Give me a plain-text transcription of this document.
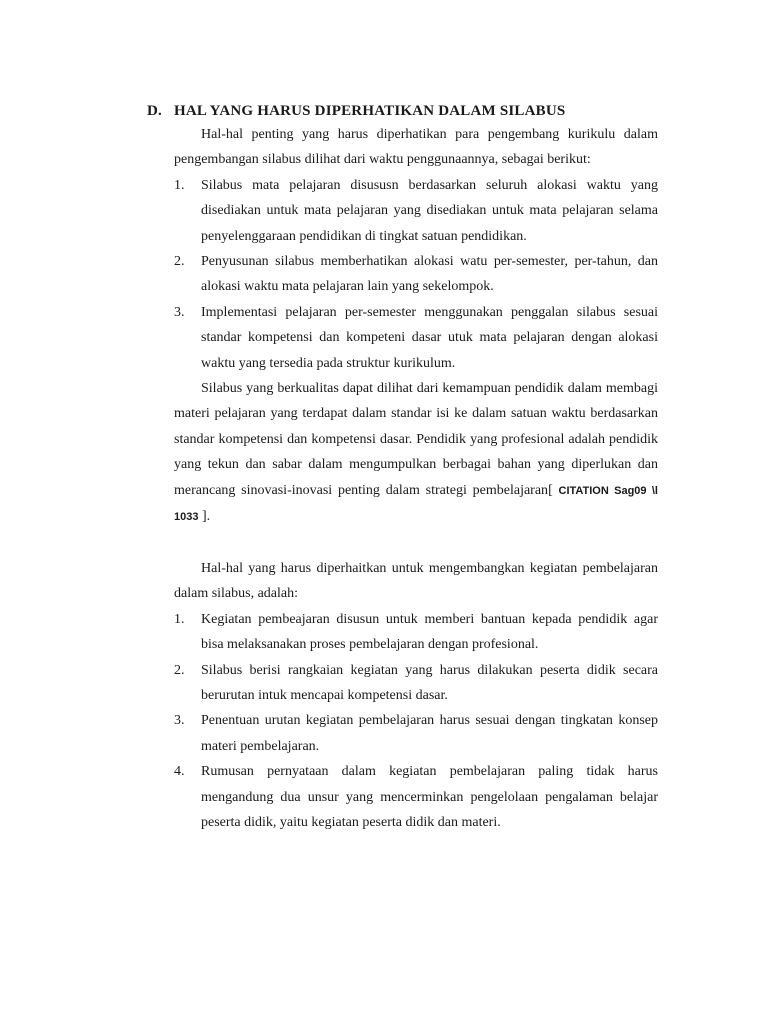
D. HAL YANG HARUS DIPERHATIKAN DALAM SILABUS

Hal-hal penting yang harus diperhatikan para pengembang kurikulu dalam pengembangan silabus dilihat dari waktu penggunaannya, sebagai berikut:

1. Silabus mata pelajaran disususn berdasarkan seluruh alokasi waktu yang disediakan untuk mata pelajaran yang disediakan untuk mata pelajaran selama penyelenggaraan pendidikan di tingkat satuan pendidikan.
2. Penyusunan silabus memberhatikan alokasi watu per-semester, per-tahun, dan alokasi waktu mata pelajaran lain yang sekelompok.
3. Implementasi pelajaran per-semester menggunakan penggalan silabus sesuai standar kompetensi dan kompeteni dasar utuk mata pelajaran dengan alokasi waktu yang tersedia pada struktur kurikulum.

Silabus yang berkualitas dapat dilihat dari kemampuan pendidik dalam membagi materi pelajaran yang terdapat dalam standar isi ke dalam satuan waktu berdasarkan standar kompetensi dan kompetensi dasar. Pendidik yang profesional adalah pendidik yang tekun dan sabar dalam mengumpulkan berbagai bahan yang diperlukan dan merancang sinovasi-inovasi penting dalam strategi pembelajaran[ CITATION Sag09 \l 1033 ].

Hal-hal yang harus diperhaitkan untuk mengembangkan kegiatan pembelajaran dalam silabus, adalah:

1. Kegiatan pembeajaran disusun untuk memberi bantuan kepada pendidik agar bisa melaksanakan proses pembelajaran dengan profesional.
2. Silabus berisi rangkaian kegiatan yang harus dilakukan peserta didik secara berurutan intuk mencapai kompetensi dasar.
3. Penentuan urutan kegiatan pembelajaran harus sesuai dengan tingkatan konsep materi pembelajaran.
4. Rumusan pernyataan dalam kegiatan pembelajaran paling tidak harus mengandung dua unsur yang mencerminkan pengelolaan pengalaman belajar peserta didik, yaitu kegiatan peserta didik dan materi.
